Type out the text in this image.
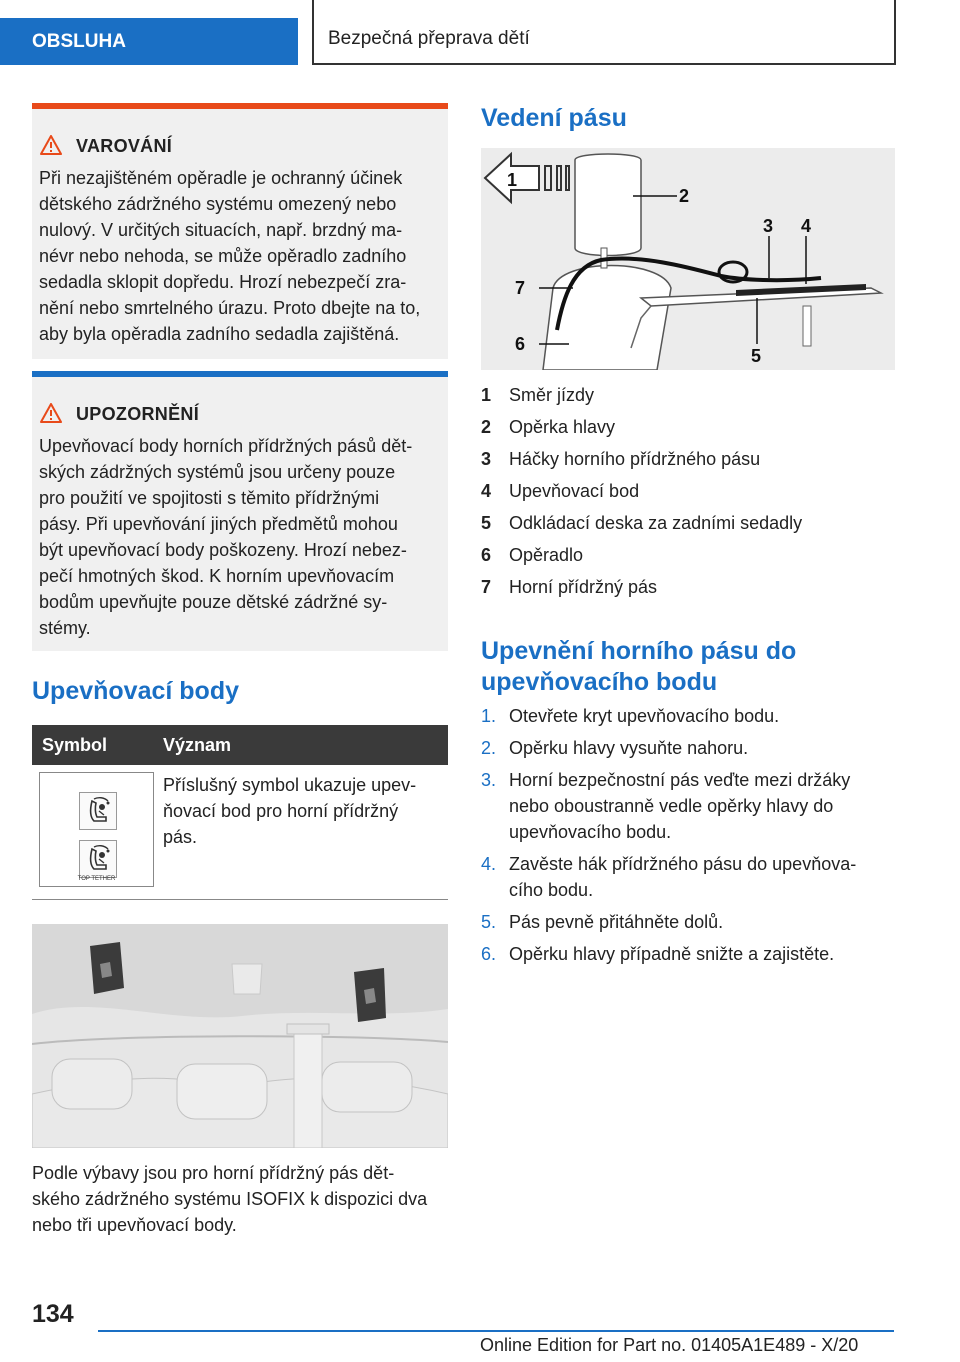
OBSLUHA	Bezpečná přeprava dětí
VAROVÁNÍ
Při nezajištěném opěradle je ochranný účinek
dětského zádržného systému omezený nebo
nulový. V určitých situacích, např. brzdný ma-
névr nebo nehoda, se může opěradlo zadního
sedadla sklopit dopředu. Hrozí nebezpečí zra-
nění nebo smrtelného úrazu. Proto dbejte na to,
aby byla opěradla zadního sedadla zajištěná.
UPOZORNĚNÍ
Upevňovací body horních přídržných pásů dět-
ských zádržných systémů jsou určeny pouze
pro použití ve spojitosti s těmito přídržnými
pásy. Při upevňování jiných předmětů mohou
být upevňovací body poškozeny. Hrozí nebez-
pečí hmotných škod. K horním upevňovacím
bodům upevňujte pouze dětské zádržné sy-
stémy.
Upevňovací body
Symbol	Význam
TOP TETHER
Příslušný symbol ukazuje upev-
ňovací bod pro horní přídržný
pás.
Podle výbavy jsou pro horní přídržný pás dět-
ského zádržného systému ISOFIX k dispozici dva
nebo tři upevňovací body.
Vedení pásu
1
2
3 4
5
6
7
1 Směr jízdy
2 Opěrka hlavy
3 Háčky horního přídržného pásu
4 Upevňovací bod
5 Odkládací deska za zadními sedadly
6 Opěradlo
7 Horní přídržný pás
Upevnění horního pásu do
upevňovacího bodu
1. Otevřete kryt upevňovacího bodu.
2. Opěrku hlavy vysuňte nahoru.
3. Horní bezpečnostní pás veďte mezi držáky
nebo oboustranně vedle opěrky hlavy do
upevňovacího bodu.
4. Zavěste hák přídržného pásu do upevňova-
cího bodu.
5. Pás pevně přitáhněte dolů.
6. Opěrku hlavy případně snižte a zajistěte.
134
Online Edition for Part no. 01405A1E489 - X/20
